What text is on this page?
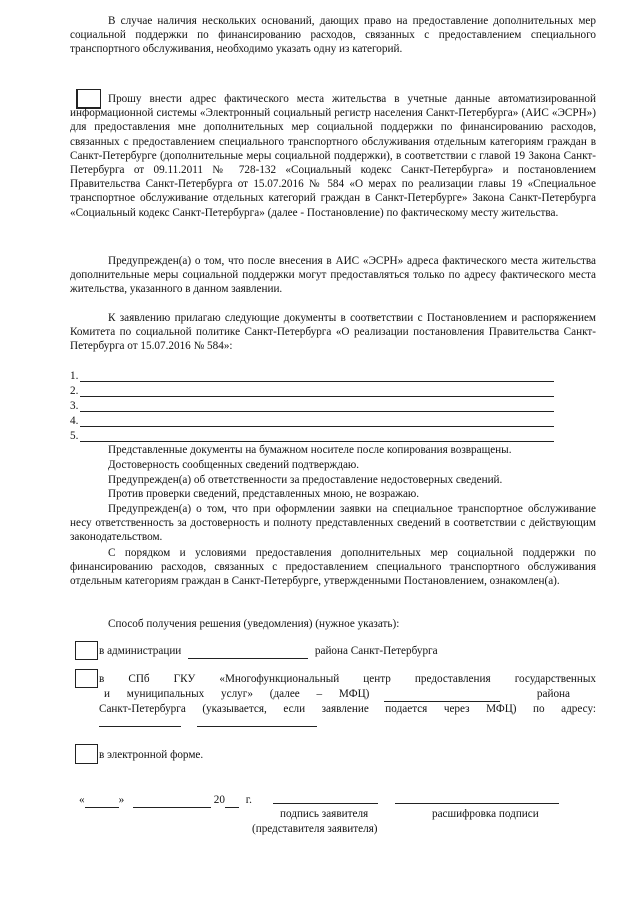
В случае наличия нескольких оснований, дающих право на предоставление дополнительных мер социальной поддержки по финансированию расходов, связанных с предоставлением специального транспортного обслуживания, необходимо указать одну из категорий.

Прошу внести адрес фактического места жительства в учетные данные автоматизированной информационной системы «Электронный социальный регистр населения Санкт-Петербурга» (АИС «ЭСРН») для предоставления мне дополнительных мер социальной поддержки по финансированию расходов, связанных с предоставлением специального транспортного обслуживания отдельным категориям граждан в Санкт-Петербурге (дополнительные меры социальной поддержки), в соответствии с главой 19 Закона Санкт-Петербурга от 09.11.2011 № 728-132 «Социальный кодекс Санкт-Петербурга» и постановлением Правительства Санкт-Петербурга от 15.07.2016 № 584 «О мерах по реализации главы 19 «Специальное транспортное обслуживание отдельных категорий граждан в Санкт-Петербурге» Закона Санкт-Петербурга «Социальный кодекс Санкт-Петербурга» (далее - Постановление) по фактическому месту жительства.

Предупрежден(а) о том, что после внесения в АИС «ЭСРН» адреса фактического места жительства дополнительные меры социальной поддержки могут предоставляться только по адресу фактического места жительства, указанного в данном заявлении.

К заявлению прилагаю следующие документы в соответствии с Постановлением и распоряжением Комитета по социальной политике Санкт-Петербурга «О реализации постановления Правительства Санкт-Петербурга от 15.07.2016 № 584»:

1.
2.
3.
4.
5.
Представленные документы на бумажном носителе после копирования возвращены.
Достоверность сообщенных сведений подтверждаю.
Предупрежден(а) об ответственности за предоставление недостоверных сведений.
Против проверки сведений, представленных мною, не возражаю.

Предупрежден(а) о том, что при оформлении заявки на специальное транспортное обслуживание несу ответственность за достоверность и полноту представленных сведений в соответствии с действующим законодательством.

С порядком и условиями предоставления дополнительных мер социальной поддержки по финансированию расходов, связанных с предоставлением специального транспортного обслуживания отдельным категориям граждан в Санкт-Петербурге, утвержденными Постановлением, ознакомлен(а).

Способ получения решения (уведомления) (нужное указать):
в администрации	района Санкт-Петербурга
в СПб ГКУ «Многофункциональный центр предоставления государственных
и муниципальных услуг» (далее – МФЦ)	района
Санкт-Петербурга (указывается, если заявление подается через МФЦ) по адресу:
в электронной форме.
«	»	20 г.
подпись заявителя	расшифровка подписи
(представителя заявителя)
